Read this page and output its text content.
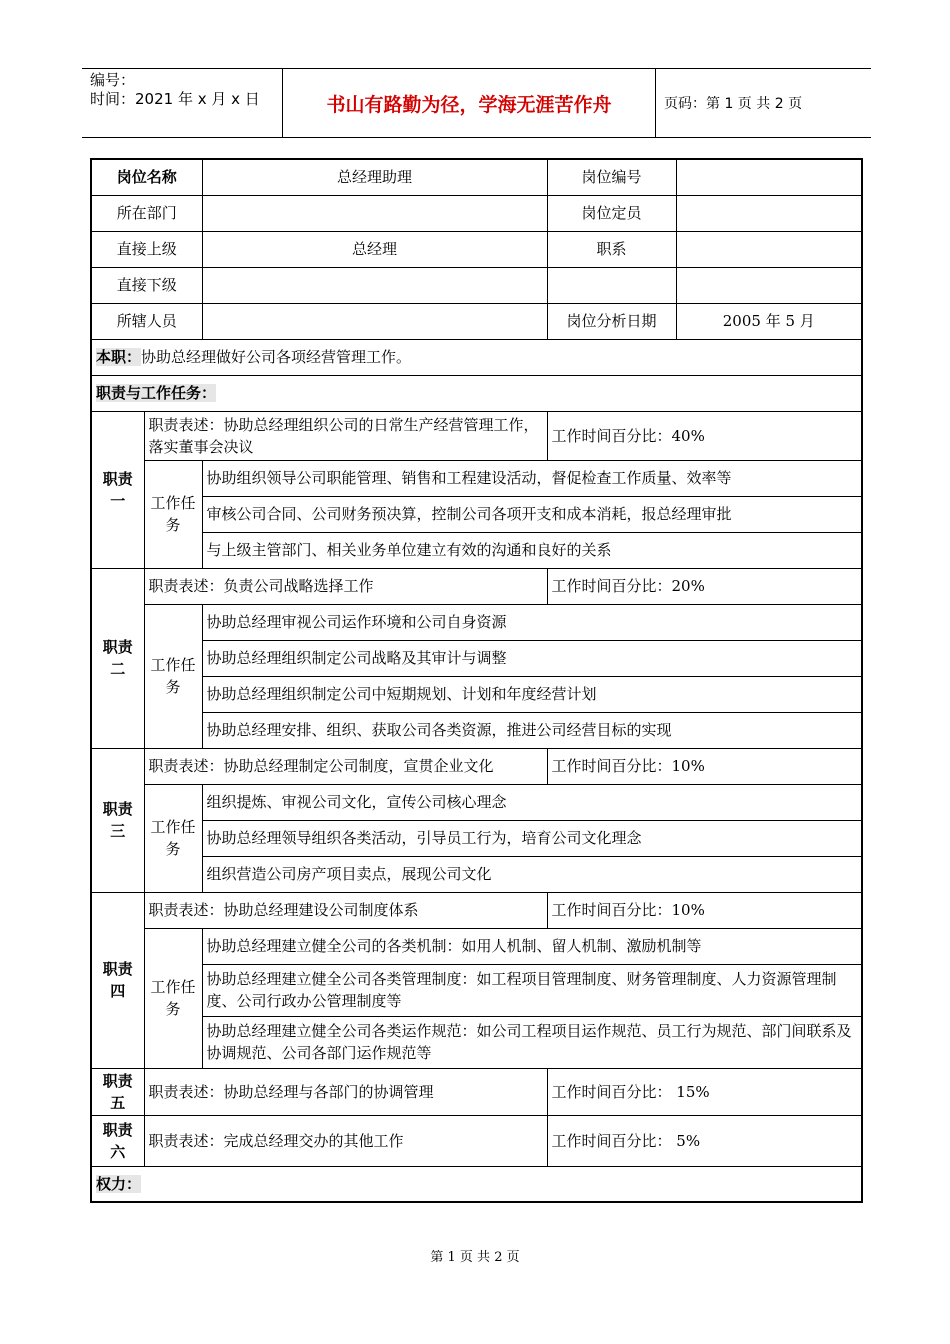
编号：
时间：2021 年 x 月 x 日	书山有路勤为径，学海无涯苦作舟	页码：第 1 页 共 2 页
岗位名称		总经理助理	岗位编号	
所在部门			岗位定员	
直接上级		总经理	职系	
直接下级				
所辖人员			岗位分析日期	2005 年 5 月
本职：协助总经理做好公司各项经营管理工作。				
职责与工作任务：				
职责一	职责表述：协助总经理组织公司的日常生产经营管理工作，落实董事会决议		工作时间百分比：40%	
	工作任务	协助组织领导公司职能管理、销售和工程建设活动，督促检查工作质量、效率等		
		审核公司合同、公司财务预决算，控制公司各项开支和成本消耗，报总经理审批		
		与上级主管部门、相关业务单位建立有效的沟通和良好的关系		
职责二	职责表述：负责公司战略选择工作		工作时间百分比：20%	
	工作任务	协助总经理审视公司运作环境和公司自身资源		
		协助总经理组织制定公司战略及其审计与调整		
		协助总经理组织制定公司中短期规划、计划和年度经营计划		
		协助总经理安排、组织、获取公司各类资源，推进公司经营目标的实现		
职责三	职责表述：协助总经理制定公司制度，宣贯企业文化		工作时间百分比：10%	
	工作任务	组织提炼、审视公司文化，宣传公司核心理念		
		协助总经理领导组织各类活动，引导员工行为，培育公司文化理念		
		组织营造公司房产项目卖点，展现公司文化		
职责四	职责表述：协助总经理建设公司制度体系		工作时间百分比：10%	
	工作任务	协助总经理建立健全公司的各类机制：如用人机制、留人机制、激励机制等		
		协助总经理建立健全公司各类管理制度：如工程项目管理制度、财务管理制度、人力资源管理制度、公司行政办公管理制度等		
		协助总经理建立健全公司各类运作规范：如公司工程项目运作规范、员工行为规范、部门间联系及协调规范、公司各部门运作规范等		
职责五	职责表述：协助总经理与各部门的协调管理		工作时间百分比： 15%	
职责六	职责表述：完成总经理交办的其他工作		工作时间百分比： 5%	
权力：				
第 1 页 共 2 页
